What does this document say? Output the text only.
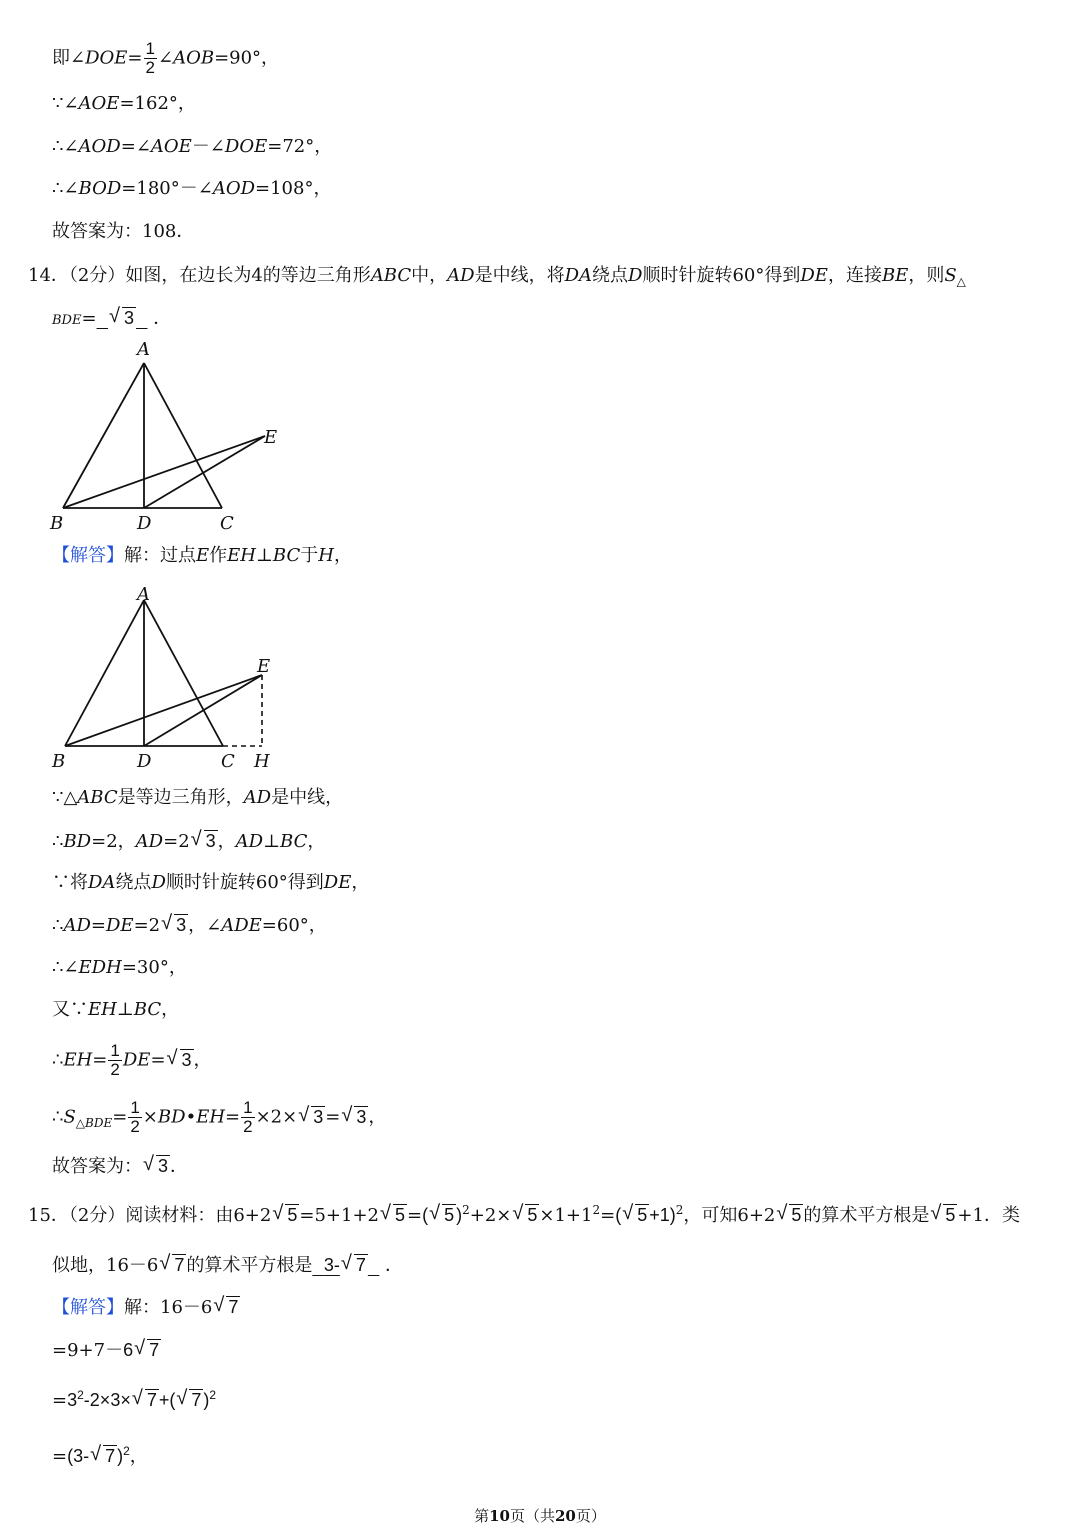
即∠DOE= $\frac{1}{2}$ ∠AOB=90°，
∵∠AOE=162°，
∴∠AOD=∠AOE－∠DOE=72°，
∴∠BOD=180°－∠AOD=108°，
故答案为：108．
14．（2分）如图，在边长为4的等边三角形ABC中，AD是中线，将DA绕点D顺时针旋转60°得到DE，连接BE，则$S_\triangle$
BDE=  √ 3   ．
A
B	D	C
E
【解答】解：过点E作EH⊥BC于H，
A
B	D	C H
E
∵△ABC是等边三角形，AD是中线，
∴BD=2，AD=2√ 3 ，AD⊥BC，
∵将DA绕点D顺时针旋转60°得到DE，
∴AD=DE=2√ 3 ，∠ADE=60°，
∴∠EDH=30°，
又∵EH⊥BC，
∴EH= $\frac{1}{2} DE=√$ 3 ，
$\therefore S_{\triangle BDE}= \frac{1}{2}$ ×BD•EH= $\frac{1}{2} \times 2\times√$ 3 =√ 3 ，
故答案为：√ 3 ．
15．（2分）阅读材料：由6+2√ 5 =5+1+2√ 5 =(√ 5 )$^2$+2×√ $5 \times 1+1^2=(√$ 5 +1)$^2$，可知6+2√ 5 的算术平方根是√ 5 +1．类
似地，16－6√ 7 的算术平方根是 3-√ 7   ．
【解答】解：16－6√ 7
=9+7－6√ 7
$=3^2-2\times 3\times√$ 7 +(√ 7 )$^2$
=(3-√ 7 )$^2$，
第10页（共20页）
